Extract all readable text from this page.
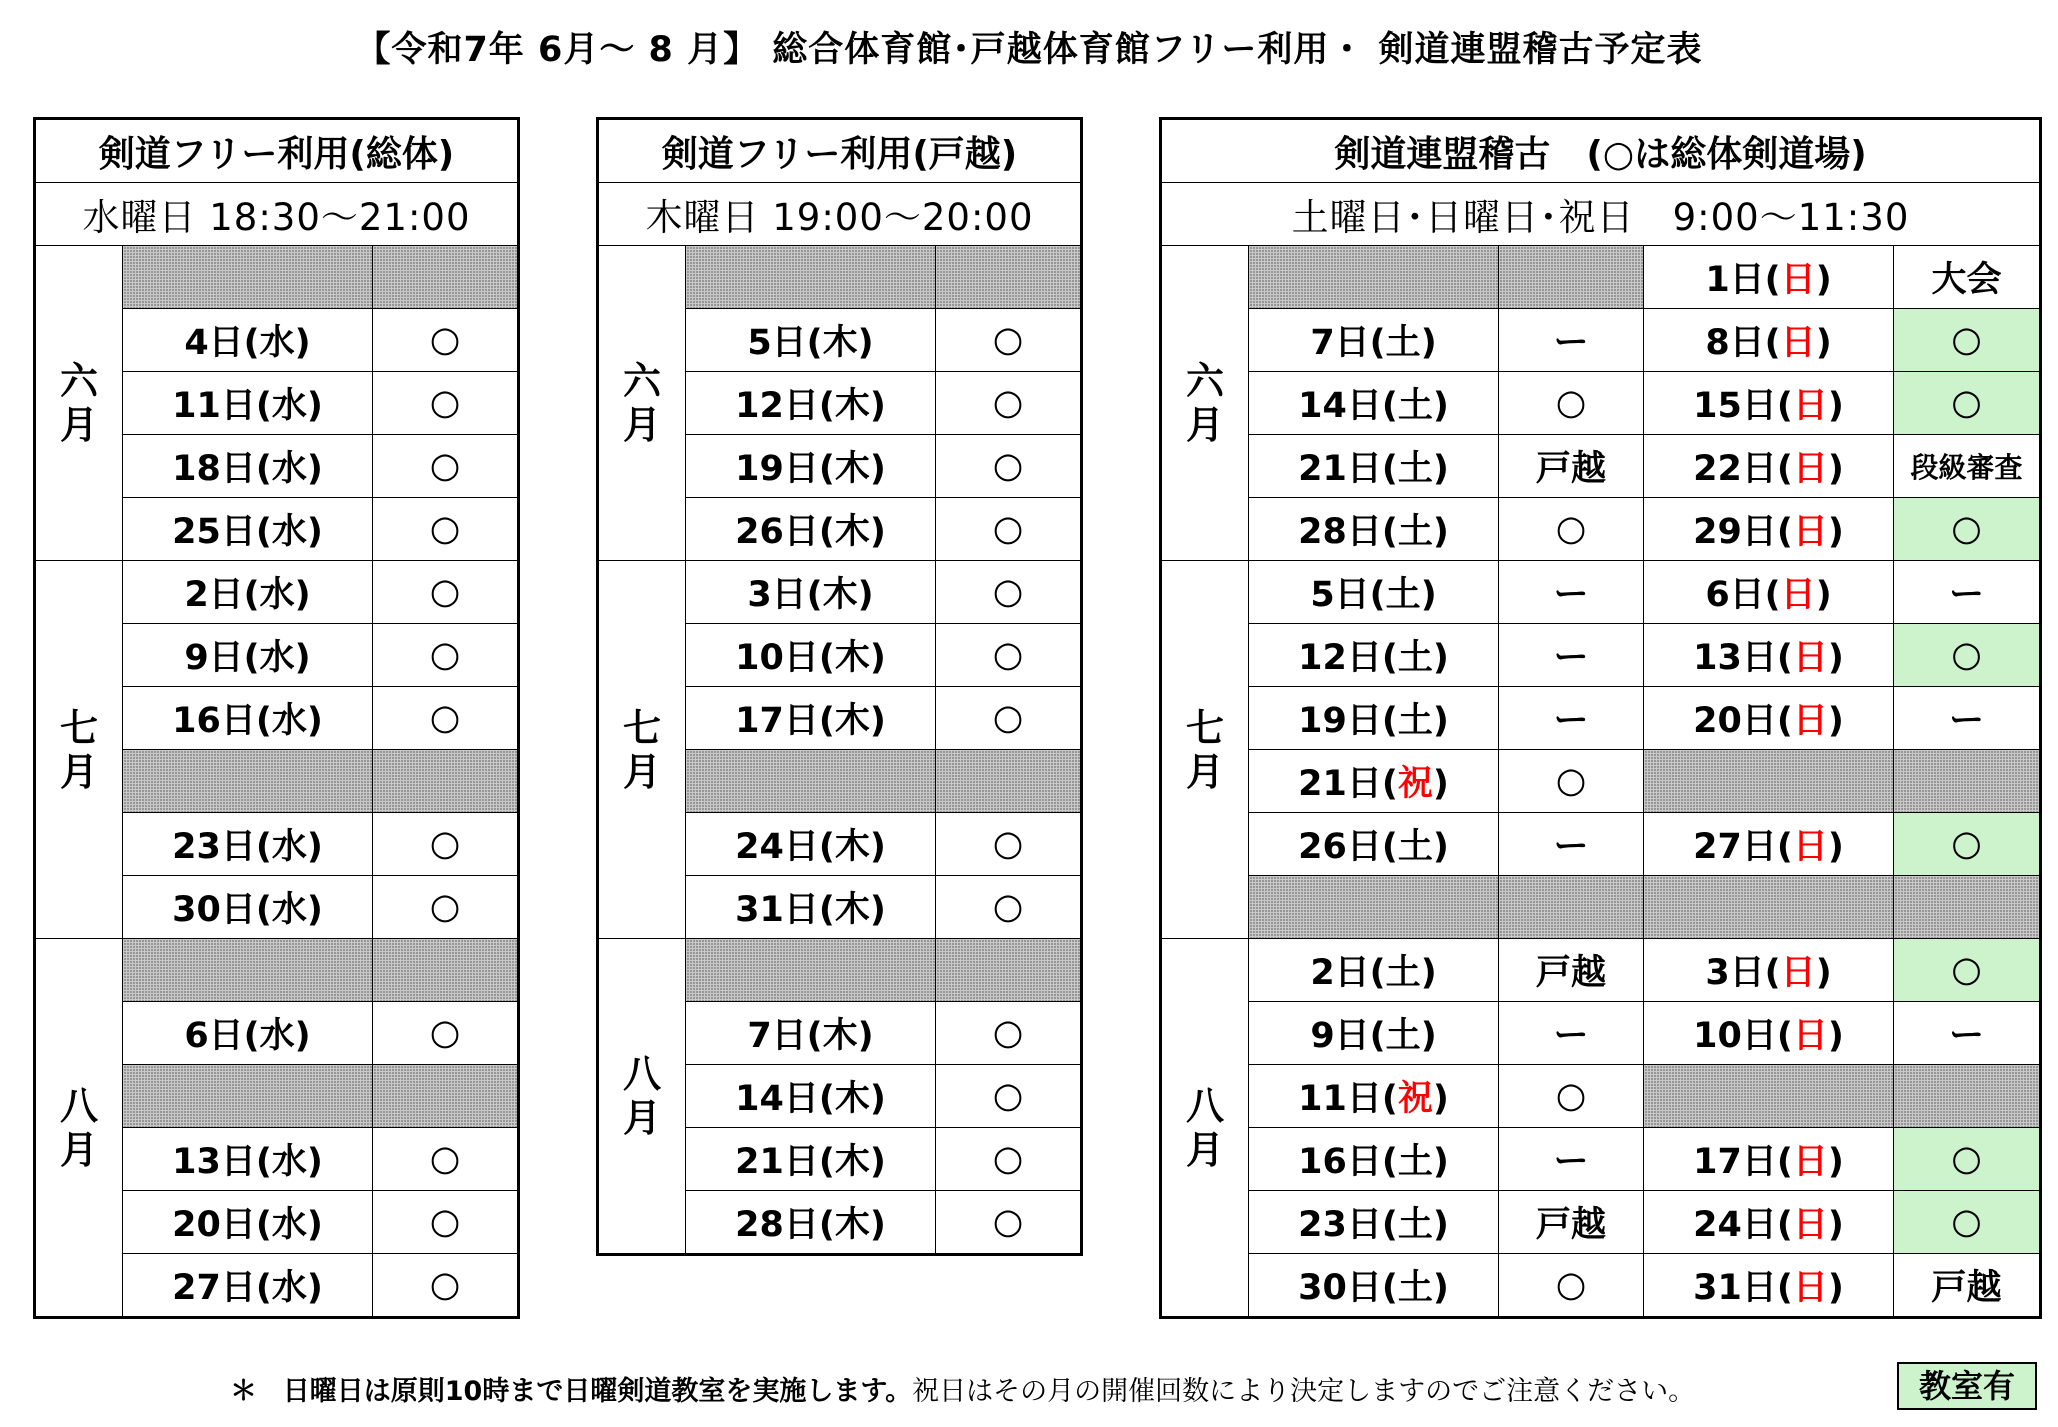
【令和7年 6月～ 8 月】 総合体育館･戸越体育館フリー利用・ 剣道連盟稽古予定表
剣道フリー利用(総体)		
水曜日 18:30～21:00		
六
月		
	4日(水)	○
	11日(水)	○
	18日(水)	○
	25日(水)	○
七
月	2日(水)	○
	9日(水)	○
	16日(水)	○

	23日(水)	○
	30日(水)	○
八
月		
	6日(水)	○

	13日(水)	○
	20日(水)	○
	27日(水)	○
剣道フリー利用(戸越)		
木曜日 19:00～20:00		
六
月		
	5日(木)	○
	12日(木)	○
	19日(木)	○
	26日(木)	○
七
月	3日(木)	○
	10日(木)	○
	17日(木)	○

	24日(木)	○
	31日(木)	○
八
月		
	7日(木)	○
	14日(木)	○
	21日(木)	○
	28日(木)	○
剣道連盟稽古　(○は総体剣道場)				
土曜日･日曜日･祝日　9:00～11:30				
六
月			1日(日)	大会
	7日(土)	ー	8日(日)	○
	14日(土)	○	15日(日)	○
	21日(土)	戸越	22日(日)	段級審査
	28日(土)	○	29日(日)	○
七
月	5日(土)	ー	6日(日)	ー
	12日(土)	ー	13日(日)	○
	19日(土)	ー	20日(日)	ー
	21日(祝)	○		
	26日(土)	ー	27日(日)	○

八
月	2日(土)	戸越	3日(日)	○
	9日(土)	ー	10日(日)	ー
	11日(祝)	○		
	16日(土)	ー	17日(日)	○
	23日(土)	戸越	24日(日)	○
	30日(土)	○	31日(日)	戸越
＊ 日曜日は原則10時まで日曜剣道教室を実施します。祝日はその月の開催回数により決定しますのでご注意ください。	教室有
